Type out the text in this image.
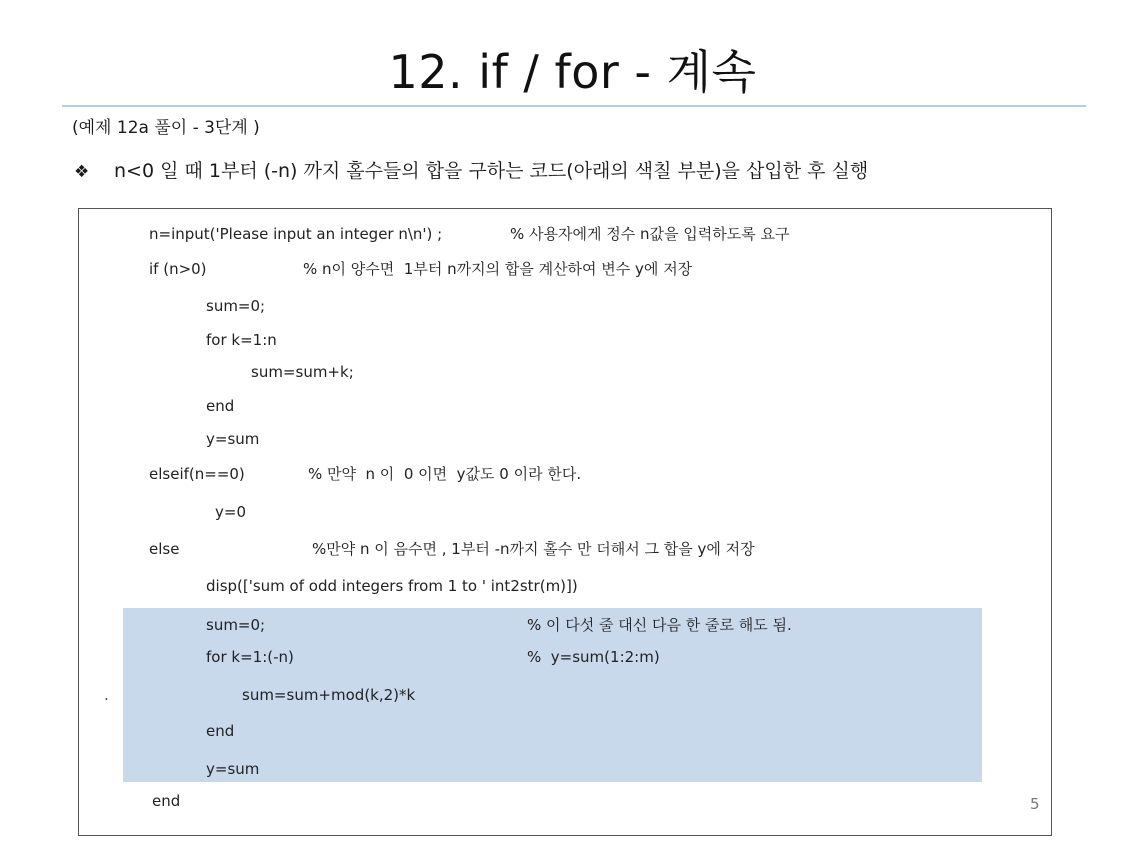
12. if / for - 계속
(예제 12a 풀이 - 3단계 )
❖ n<0 일 때 1부터 (-n) 까지 홀수들의 합을 구하는 코드(아래의 색칠 부분)을 삽입한 후 실행
n=input('Please input an integer n\n') ;	% 사용자에게 정수 n값을 입력하도록 요구
if (n>0)	% n이 양수면  1부터 n까지의 합을 계산하여 변수 y에 저장
sum=0;
for k=1:n
sum=sum+k;
end
y=sum
elseif(n==0)	% 만약  n 이  0 이면  y값도 0 이라 한다.
y=0
else	%만약 n 이 음수면 , 1부터 -n까지 홀수 만 더해서 그 합을 y에 저장
disp(['sum of odd integers from 1 to ' int2str(m)])
sum=0;	% 이 다섯 줄 대신 다음 한 줄로 해도 됨.
for k=1:(-n)	%  y=sum(1:2:m)
.	sum=sum+mod(k,2)*k
end
y=sum
end	5
